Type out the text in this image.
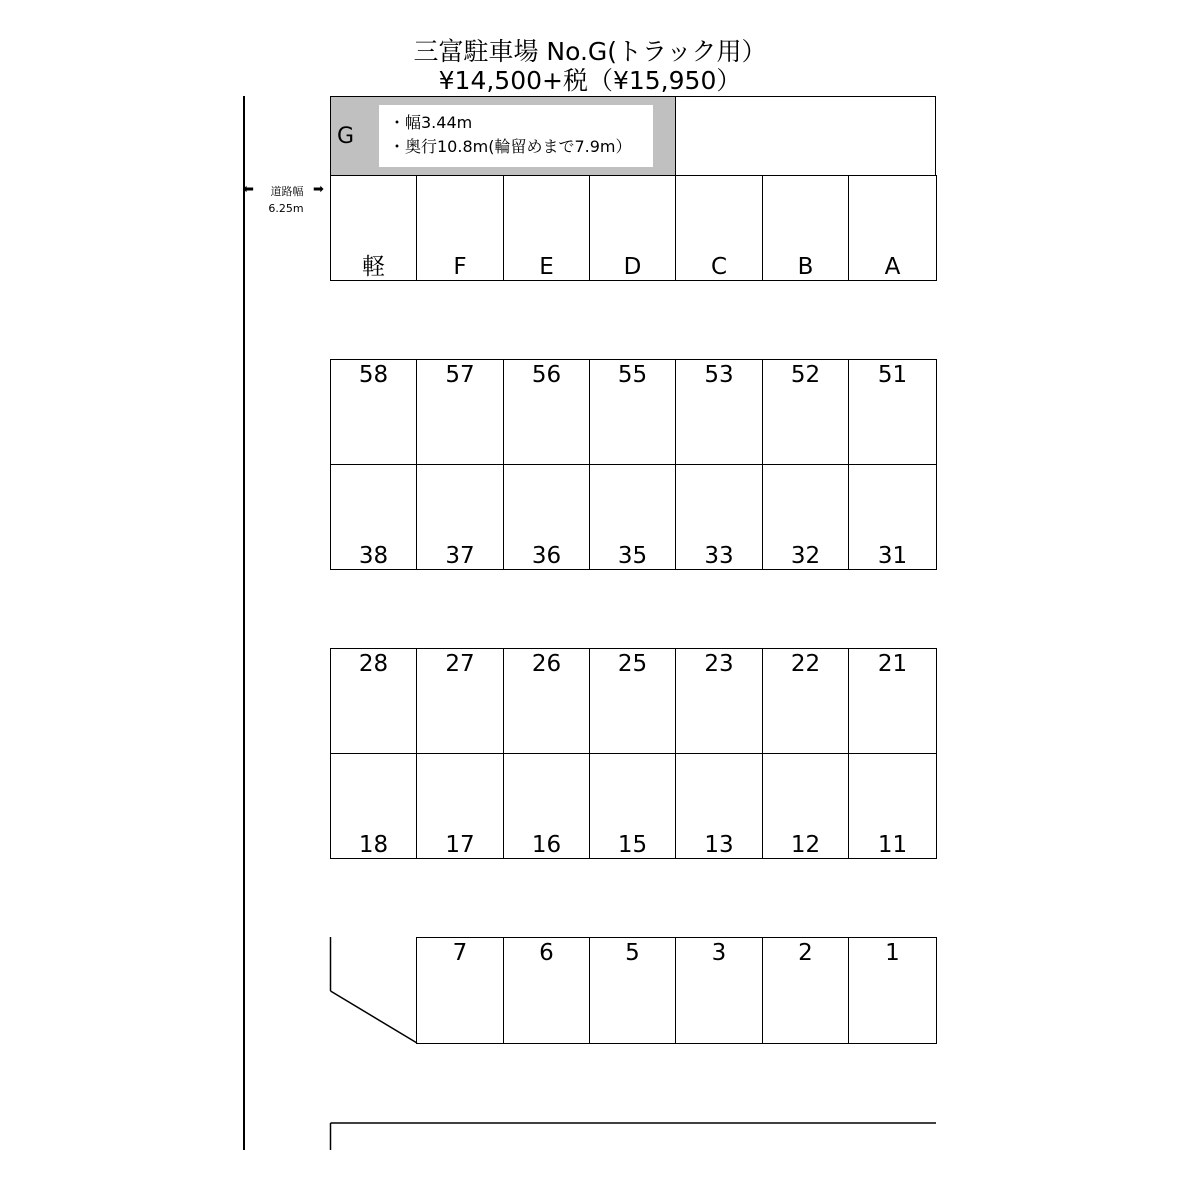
三富駐車場 No.G(トラック用）
¥14,500+税（¥15,950）
⬅	道路幅 ➡
6.25m
G
・幅3.44m
・奥行10.8m(輪留めまで7.9m）
軽	F	E	D	C	B	A
58	57	56	55	53	52	51
38	37	36	35	33	32	31
28	27	26	25	23	22	21
18	17	16	15	13	12	11
7	6	5	3	2	1
